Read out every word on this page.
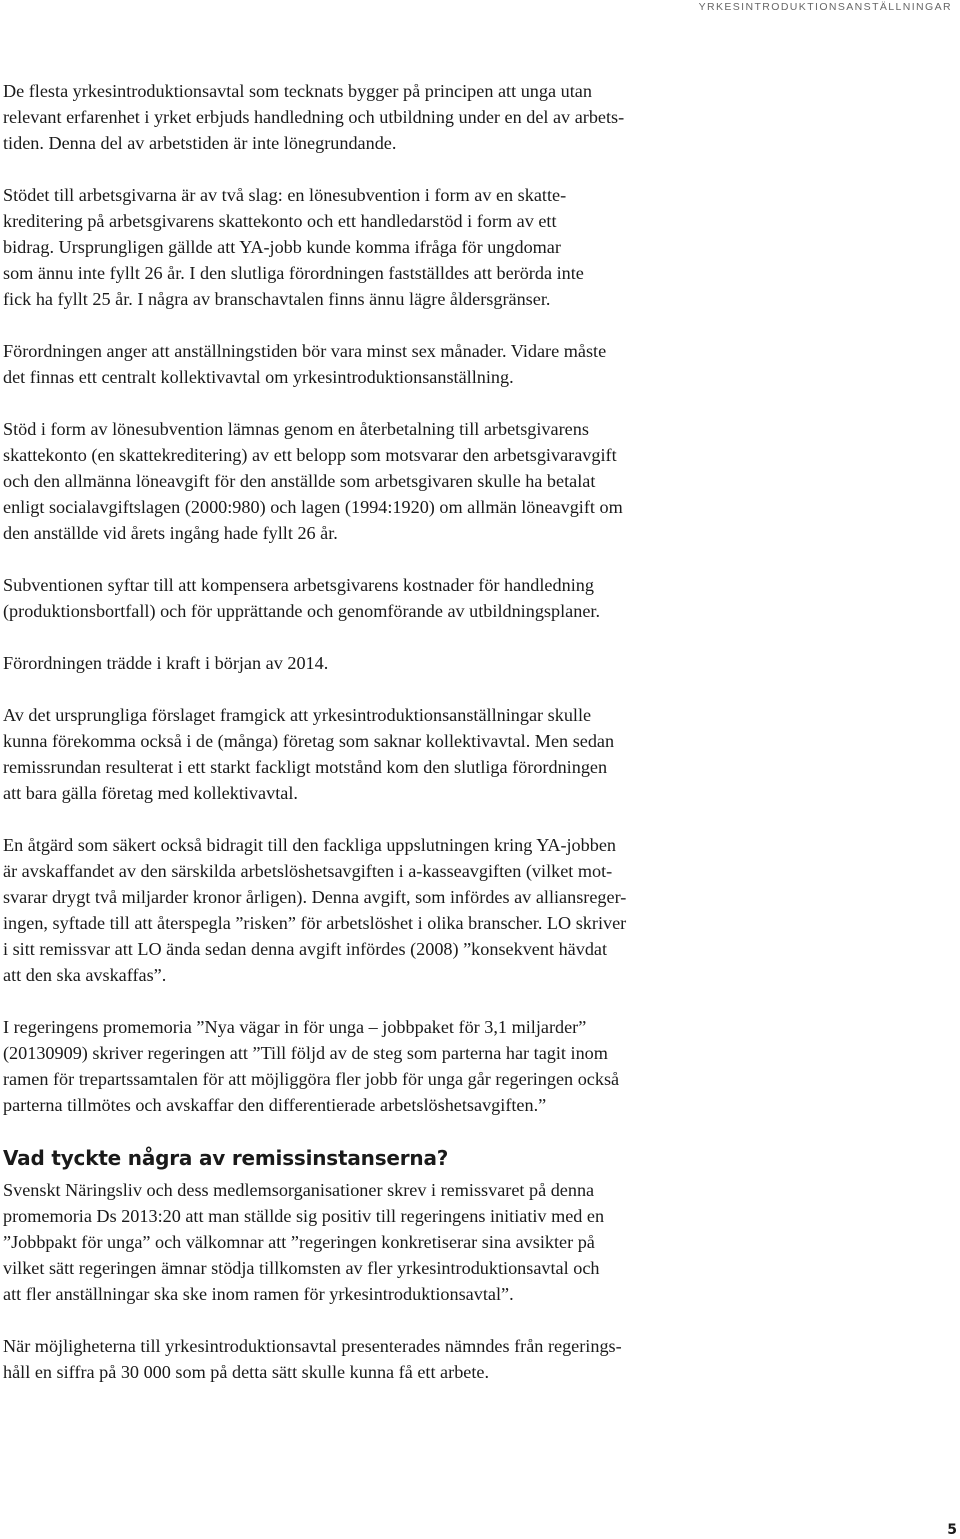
YRKESINTRODUKTIONSANSTÄLLNINGAR

De flesta yrkesintroduktionsavtal som tecknats bygger på principen att unga utan
relevant erfarenhet i yrket erbjuds handledning och utbildning under en del av arbets-
tiden. Denna del av arbetstiden är inte lönegrundande.

Stödet till arbetsgivarna är av två slag: en lönesubvention i form av en skatte-
kreditering på arbetsgivarens skattekonto och ett handledarstöd i form av ett
bidrag. Ursprungligen gällde att YA-jobb kunde komma ifråga för ungdomar
som ännu inte fyllt 26 år. I den slutliga förordningen fastställdes att berörda inte
fick ha fyllt 25 år. I några av branschavtalen finns ännu lägre åldersgränser.

Förordningen anger att anställningstiden bör vara minst sex månader. Vidare måste
det finnas ett centralt kollektivavtal om yrkesintroduktionsanställning.

Stöd i form av lönesubvention lämnas genom en återbetalning till arbetsgivarens
skattekonto (en skattekreditering) av ett belopp som motsvarar den arbetsgivaravgift
och den allmänna löneavgift för den anställde som arbetsgivaren skulle ha betalat
enligt socialavgiftslagen (2000:980) och lagen (1994:1920) om allmän löneavgift om
den anställde vid årets ingång hade fyllt 26 år.

Subventionen syftar till att kompensera arbetsgivarens kostnader för handledning
(produktionsbortfall) och för upprättande och genomförande av utbildningsplaner.

Förordningen trädde i kraft i början av 2014.

Av det ursprungliga förslaget framgick att yrkesintroduktionsanställningar skulle
kunna förekomma också i de (många) företag som saknar kollektivavtal. Men sedan
remissrundan resulterat i ett starkt fackligt motstånd kom den slutliga förordningen
att bara gälla företag med kollektivavtal.

En åtgärd som säkert också bidragit till den fackliga uppslutningen kring YA-jobben
är avskaffandet av den särskilda arbetslöshetsavgiften i a-kasseavgiften (vilket mot-
svarar drygt två miljarder kronor årligen). Denna avgift, som infördes av alliansreger-
ingen, syftade till att återspegla ”risken” för arbetslöshet i olika branscher. LO skriver
i sitt remissvar att LO ända sedan denna avgift infördes (2008) ”konsekvent hävdat
att den ska avskaffas”.

I regeringens promemoria ”Nya vägar in för unga – jobbpaket för 3,1 miljarder”
(20130909) skriver regeringen att ”Till följd av de steg som parterna har tagit inom
ramen för trepartssamtalen för att möjliggöra fler jobb för unga går regeringen också
parterna tillmötes och avskaffar den differentierade arbetslöshetsavgiften.”

Vad tyckte några av remissinstanserna?

Svenskt Näringsliv och dess medlemsorganisationer skrev i remissvaret på denna
promemoria Ds 2013:20 att man ställde sig positiv till regeringens initiativ med en
”Jobbpakt för unga” och välkomnar att ”regeringen konkretiserar sina avsikter på
vilket sätt regeringen ämnar stödja tillkomsten av fler yrkesintroduktionsavtal och
att fler anställningar ska ske inom ramen för yrkesintroduktionsavtal”.

När möjligheterna till yrkesintroduktionsavtal presenterades nämndes från regerings-
håll en siffra på 30 000 som på detta sätt skulle kunna få ett arbete.

5
